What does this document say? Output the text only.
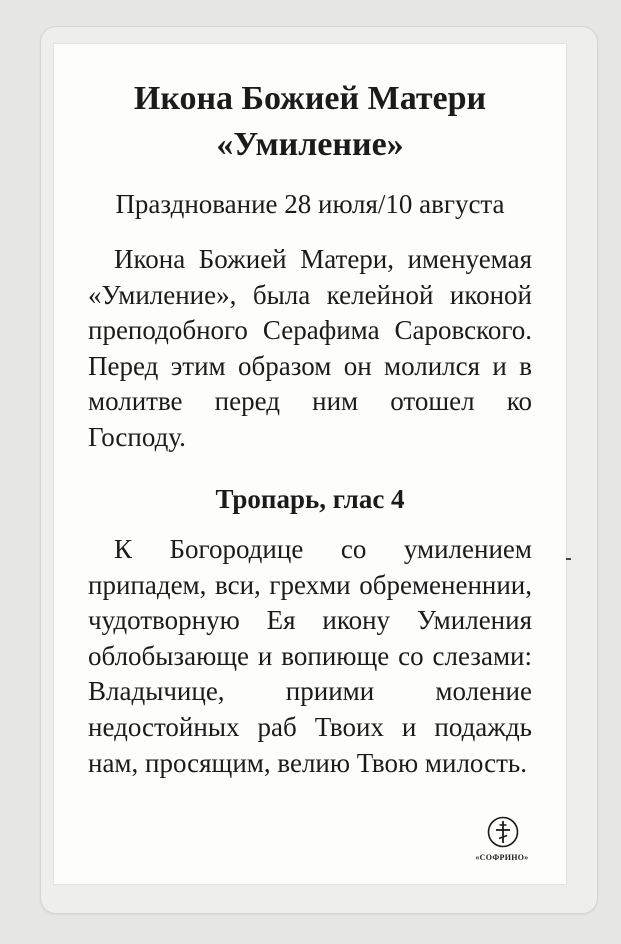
Икона Божией Матери
«Умиление»

Празднование 28 июля/10 августа

Икона Божией Матери, именуемая «Умиление», была келейной иконой преподобного Серафима Саровского. Перед этим образом он молился и в молитве перед ним отошел ко Господу.

Тропарь, глас 4

К Богородице со умилением припадем, вси, грехми обремененнии, чудотворную Ея икону Умиления облобызающе и вопиюще со слезами: Владычице, приими моление недостойных раб Твоих и подаждь нам, просящим, велию Твою милость.

«СОФРИНО»
